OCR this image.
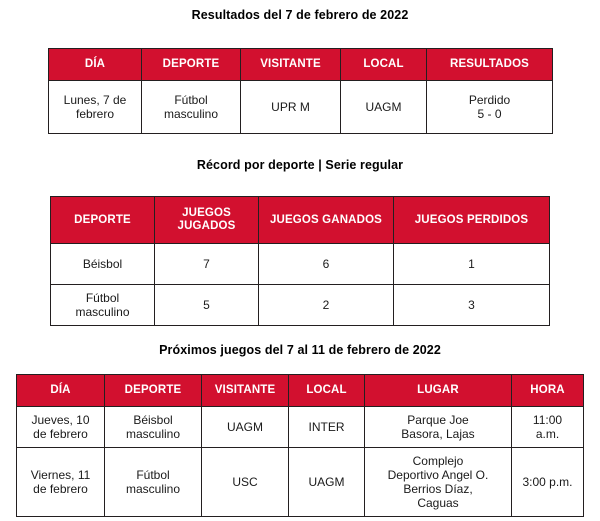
Resultados del 7 de febrero de 2022
DÍA	DEPORTE	VISITANTE	LOCAL	RESULTADOS

Lunes, 7 de
febrero	Fútbol
masculino	UPR M	UAGM	Perdido
5 - 0
Récord por deporte | Serie regular
DEPORTE	JUEGOS
JUGADOS	JUEGOS GANADOS	JUEGOS PERDIDOS
Béisbol	7	6	1

Fútbol
masculino	5	2	3
Próximos juegos del 7 al 11 de febrero de 2022
DÍA	DEPORTE	VISITANTE	LOCAL	LUGAR	HORA

Jueves, 10
de febrero	Béisbol
masculino	UAGM	INTER	Parque Joe
Basora, Lajas	11:00
a.m.

Viernes, 11
de febrero	Fútbol
masculino	USC	UAGM	Complejo
Deportivo Angel O.
Berrios Díaz,
Caguas	3:00 p.m.
